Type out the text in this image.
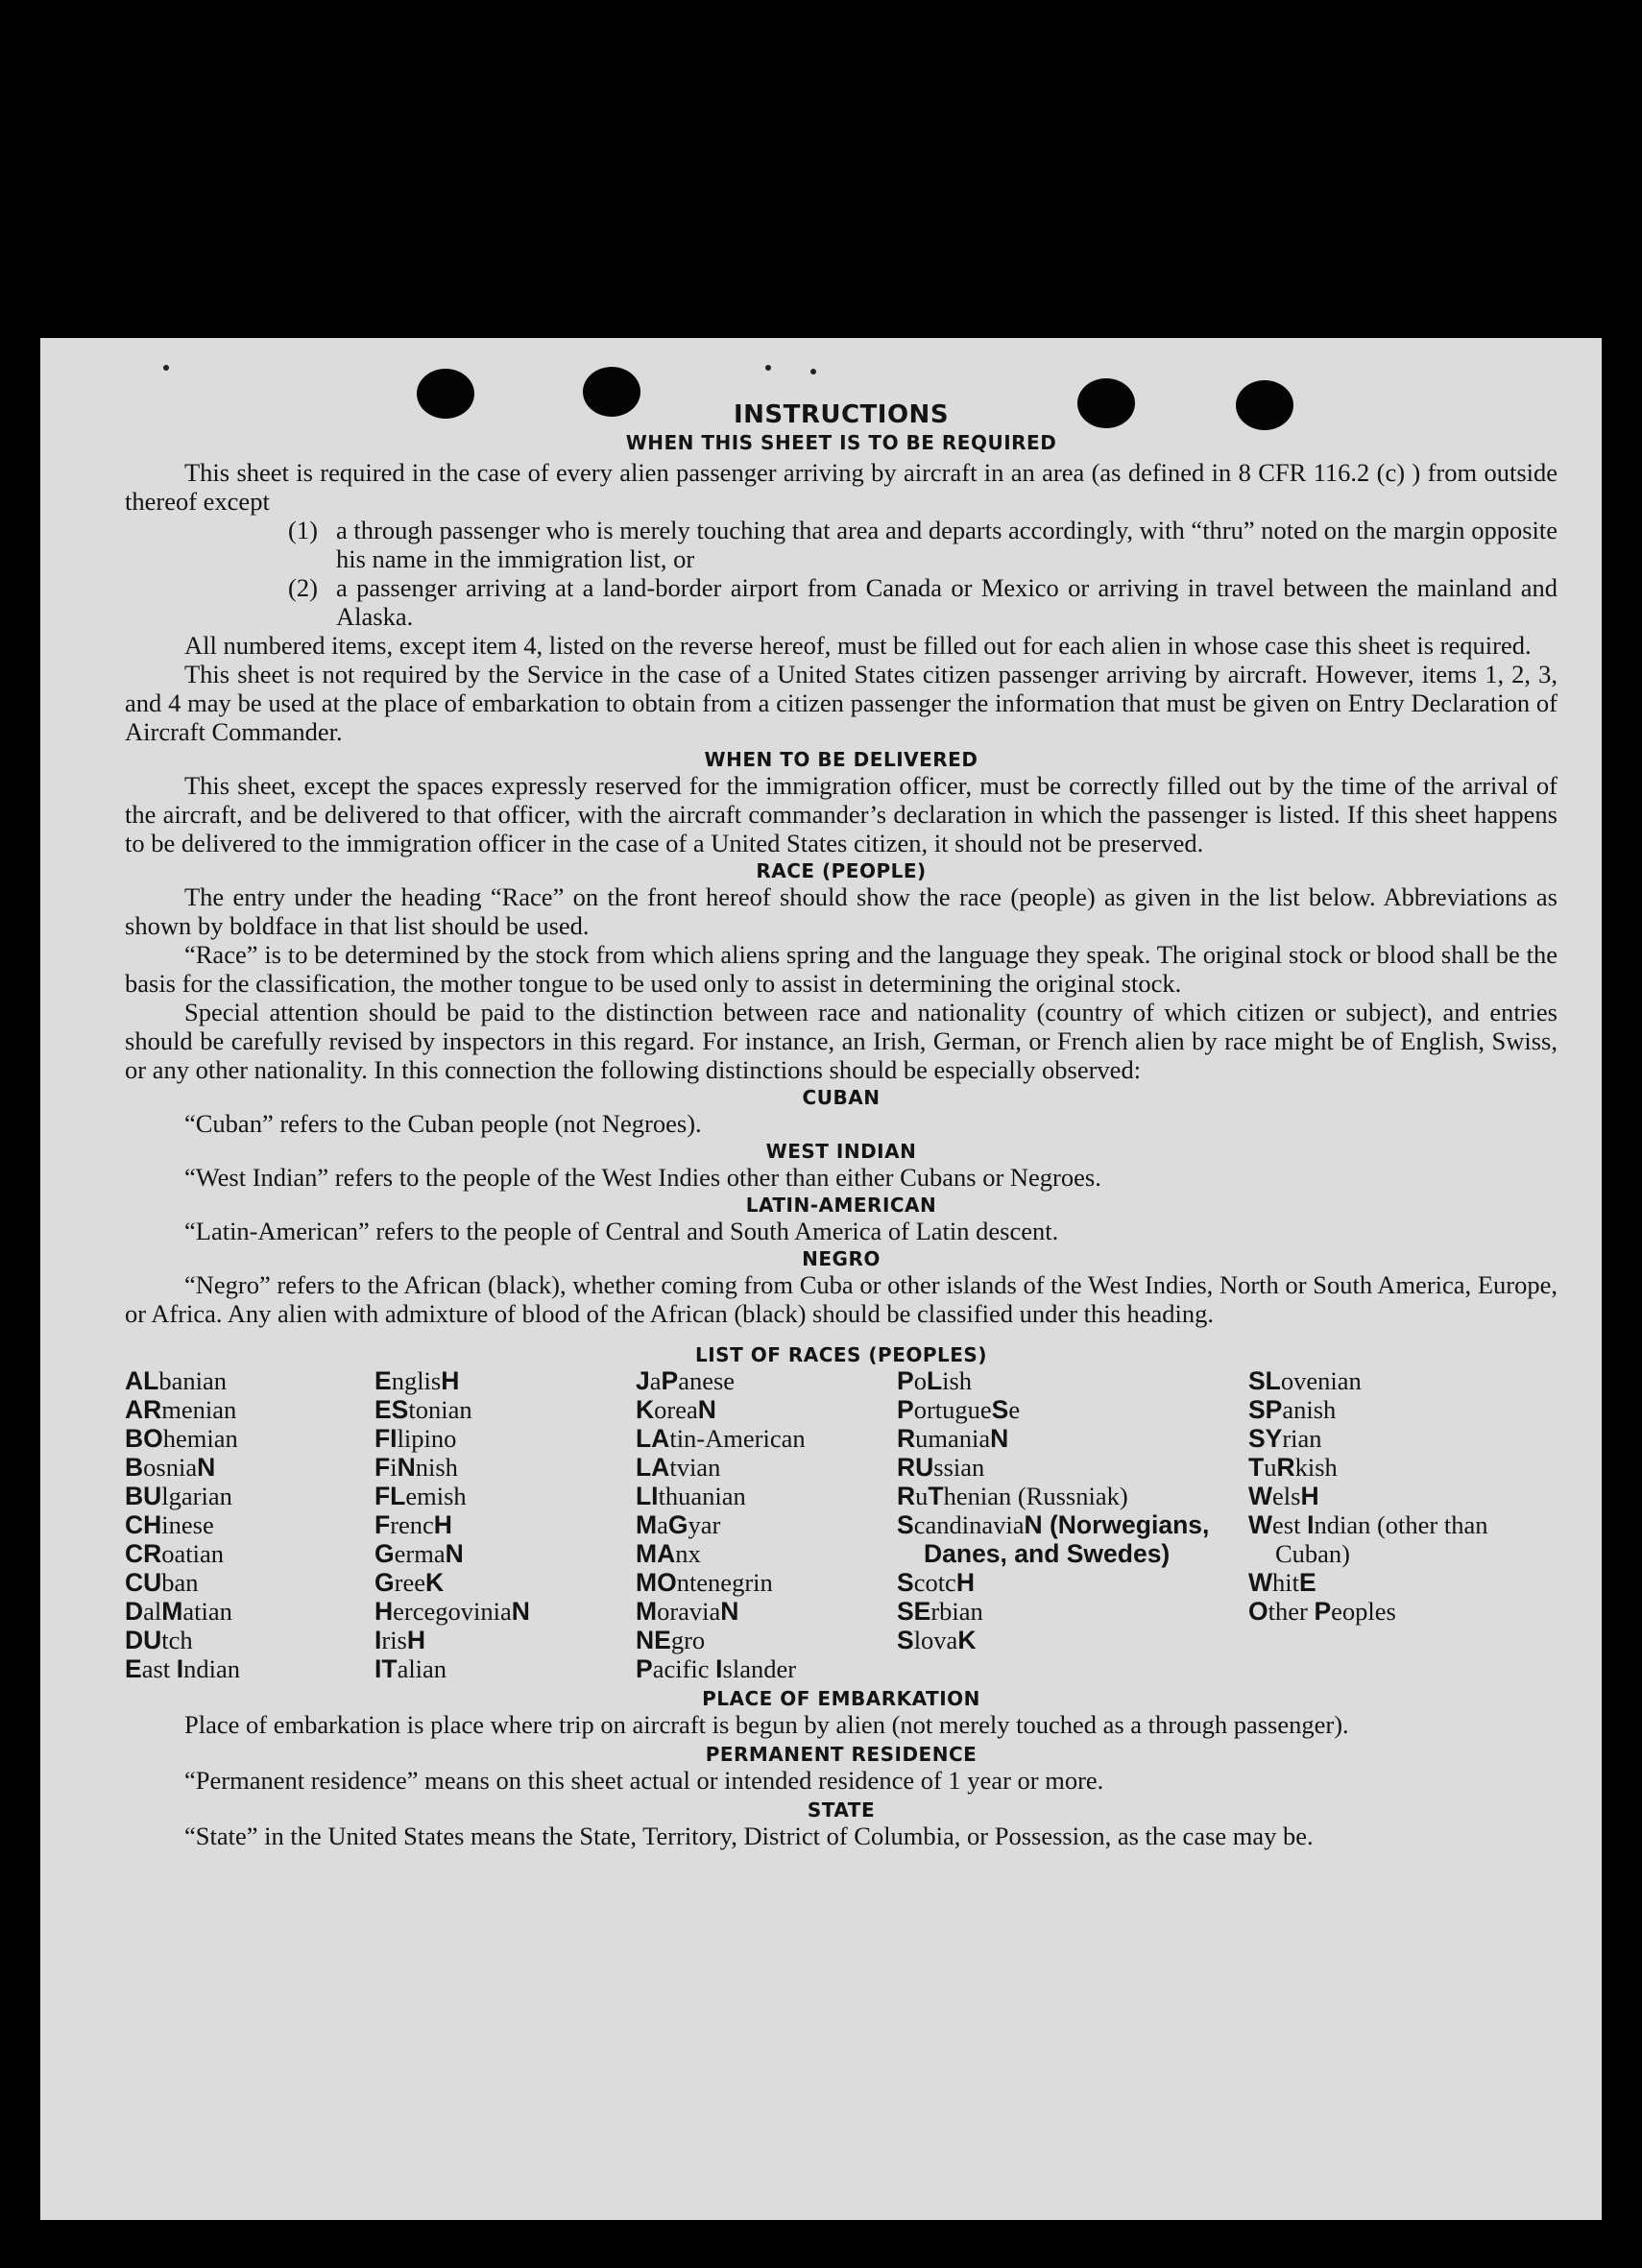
INSTRUCTIONS
WHEN THIS SHEET IS TO BE REQUIRED
This sheet is required in the case of every alien passenger arriving by aircraft in an area (as defined in 8 CFR 116.2 (c) ) from outside thereof except
(1) a through passenger who is merely touching that area and departs accordingly, with “thru” noted on the margin opposite his name in the immigration list, or
(2) a passenger arriving at a land-border airport from Canada or Mexico or arriving in travel between the mainland and Alaska.
All numbered items, except item 4, listed on the reverse hereof, must be filled out for each alien in whose case this sheet is required.
This sheet is not required by the Service in the case of a United States citizen passenger arriving by aircraft. However, items 1, 2, 3, and 4 may be used at the place of embarkation to obtain from a citizen passenger the information that must be given on Entry Declaration of Aircraft Commander.
WHEN TO BE DELIVERED
This sheet, except the spaces expressly reserved for the immigration officer, must be correctly filled out by the time of the arrival of the aircraft, and be delivered to that officer, with the aircraft commander’s declaration in which the passenger is listed. If this sheet happens to be delivered to the immigration officer in the case of a United States citizen, it should not be preserved.
RACE (PEOPLE)
The entry under the heading “Race” on the front hereof should show the race (people) as given in the list below. Abbreviations as shown by boldface in that list should be used.
“Race” is to be determined by the stock from which aliens spring and the language they speak. The original stock or blood shall be the basis for the classification, the mother tongue to be used only to assist in determining the original stock.
Special attention should be paid to the distinction between race and nationality (country of which citizen or subject), and entries should be carefully revised by inspectors in this regard. For instance, an Irish, German, or French alien by race might be of English, Swiss, or any other nationality. In this connection the following distinctions should be especially observed:
CUBAN
“Cuban” refers to the Cuban people (not Negroes).
WEST INDIAN
“West Indian” refers to the people of the West Indies other than either Cubans or Negroes.
LATIN-AMERICAN
“Latin-American” refers to the people of Central and South America of Latin descent.
NEGRO
“Negro” refers to the African (black), whether coming from Cuba or other islands of the West Indies, North or South America, Europe, or Africa. Any alien with admixture of blood of the African (black) should be classified under this heading.
LIST OF RACES (PEOPLES)
ALbanian
ARmenian
BOhemian
BosniaN
BUlgarian
CHinese
CRoatian
CUban
DalMatian
DUtch
East Indian
EnglisH
EStonian
FIlipino
FiNnish
FLemish
FrencH
GermaN
GreeK
HercegoviniaN
IrisH
ITalian
JaPanese
KoreaN
LAtin-American
LAtvian
LIthuanian
MaGyar
MAnx
MOntenegrin
MoraviaN
NEgro
Pacific Islander
PoLish
PortugueSe
RumaniaN
RUssian
RuThenian (Russniak)
ScandinaviaN (Norwegians, Danes, and Swedes)
ScotcH
SErbian
SlovaK
SLovenian
SPanish
SYrian
TuRkish
WelsH
West Indian (other than Cuban)
WhitE
Other Peoples
PLACE OF EMBARKATION
Place of embarkation is place where trip on aircraft is begun by alien (not merely touched as a through passenger).
PERMANENT RESIDENCE
“Permanent residence” means on this sheet actual or intended residence of 1 year or more.
STATE
“State” in the United States means the State, Territory, District of Columbia, or Possession, as the case may be.
